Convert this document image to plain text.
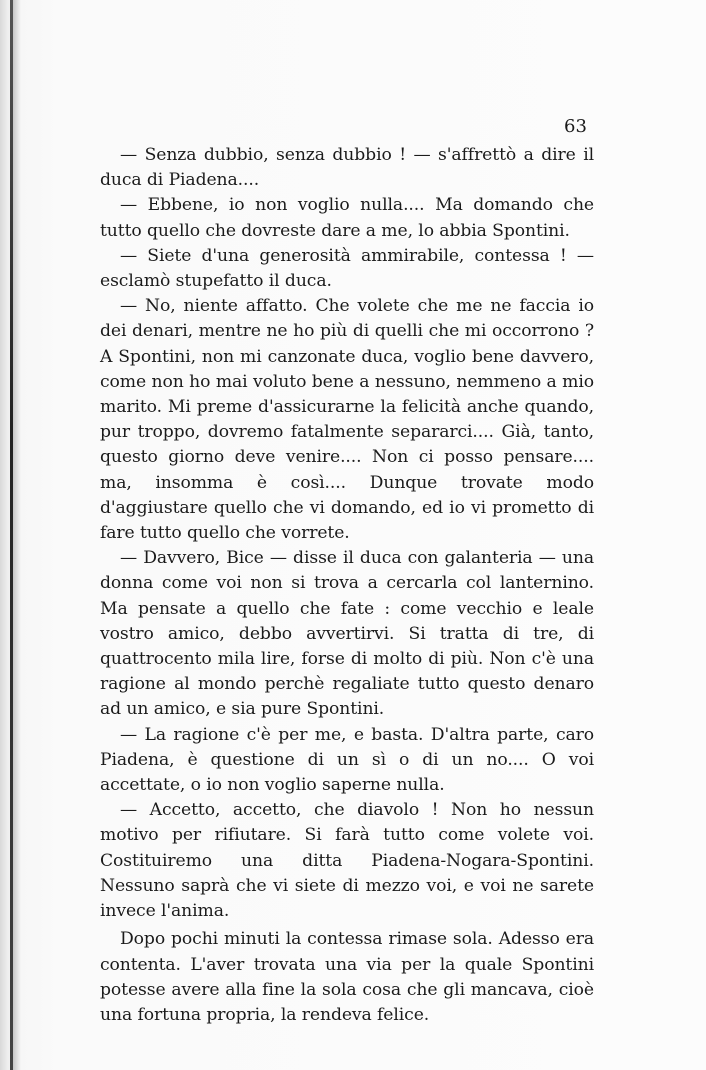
63

— Senza dubbio, senza dubbio ! — s'affrettò a dire il duca di Piadena....

— Ebbene, io non voglio nulla.... Ma domando che tutto quello che dovreste dare a me, lo abbia Spontini.

— Siete d'una generosità ammirabile, contessa ! — esclamò stupefatto il duca.

— No, niente affatto. Che volete che me ne faccia io dei denari, mentre ne ho più di quelli che mi occorrono ? A Spontini, non mi canzonate duca, voglio bene davvero, come non ho mai voluto bene a nessuno, nemmeno a mio marito. Mi preme d'assicurarne la felicità anche quando, pur troppo, dovremo fatalmente separarci.... Già, tanto, questo giorno deve venire.... Non ci posso pensare.... ma, insomma è così.... Dunque trovate modo d'aggiustare quello che vi domando, ed io vi prometto di fare tutto quello che vorrete.

— Davvero, Bice — disse il duca con galanteria — una donna come voi non si trova a cercarla col lanternino. Ma pensate a quello che fate : come vecchio e leale vostro amico, debbo avvertirvi. Si tratta di tre, di quattrocento mila lire, forse di molto di più. Non c'è una ragione al mondo perchè regaliate tutto questo denaro ad un amico, e sia pure Spontini.

— La ragione c'è per me, e basta. D'altra parte, caro Piadena, è questione di un sì o di un no.... O voi accettate, o io non voglio saperne nulla.

— Accetto, accetto, che diavolo ! Non ho nessun motivo per rifiutare. Si farà tutto come volete voi. Costituiremo una ditta Piadena-Nogara-Spontini. Nessuno saprà che vi siete di mezzo voi, e voi ne sarete invece l'anima.

Dopo pochi minuti la contessa rimase sola. Adesso era contenta. L'aver trovata una via per la quale Spontini potesse avere alla fine la sola cosa che gli mancava, cioè una fortuna propria, la rendeva felice.
